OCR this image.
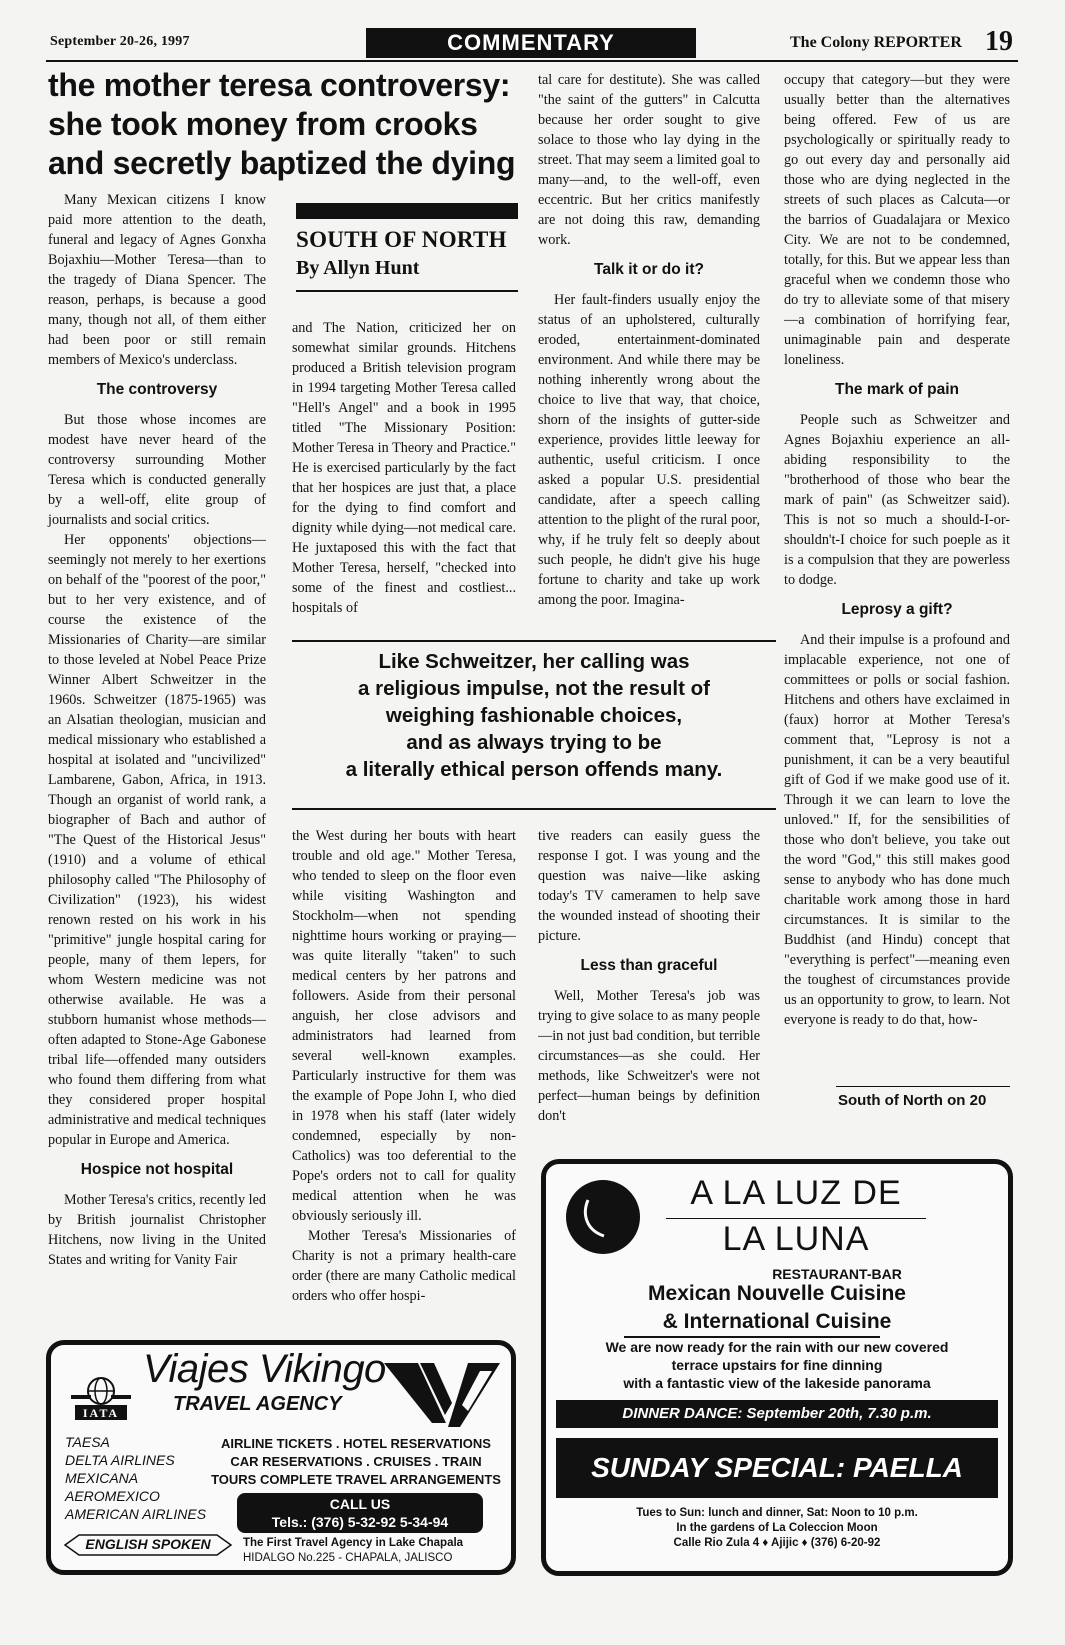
September 20-26, 1997	COMMENTARY	The Colony REPORTER 19
the mother teresa controversy:
she took money from crooks
and secretly baptized the dying

Many Mexican citizens I know paid more attention to the death, funeral and legacy of Agnes Gonxha Bojaxhiu—Mother Teresa—than to the tragedy of Diana Spencer. The reason, perhaps, is because a good many, though not all, of them either had been poor or still remain members of Mexico's underclass.

The controversy

But those whose incomes are modest have never heard of the controversy surrounding Mother Teresa which is conducted generally by a well-off, elite group of journalists and social critics.

Her opponents' objections—seemingly not merely to her exertions on behalf of the "poorest of the poor," but to her very existence, and of course the existence of the Missionaries of Charity—are similar to those leveled at Nobel Peace Prize Winner Albert Schweitzer in the 1960s. Schweitzer (1875-1965) was an Alsatian theologian, musician and medical missionary who established a hospital at isolated and "uncivilized" Lambarene, Gabon, Africa, in 1913. Though an organist of world rank, a biographer of Bach and author of "The Quest of the Historical Jesus" (1910) and a volume of ethical philosophy called "The Philosophy of Civilization" (1923), his widest renown rested on his work in his "primitive" jungle hospital caring for people, many of them lepers, for whom Western medicine was not otherwise available. He was a stubborn humanist whose methods—often adapted to Stone-Age Gabonese tribal life—offended many outsiders who found them differing from what they considered proper hospital administrative and medical techniques popular in Europe and America.

Hospice not hospital

Mother Teresa's critics, recently led by British journalist Christopher Hitchens, now living in the United States and writing for Vanity Fair

SOUTH OF NORTH
By Allyn Hunt

and The Nation, criticized her on somewhat similar grounds. Hitchens produced a British television program in 1994 targeting Mother Teresa called "Hell's Angel" and a book in 1995 titled "The Missionary Position: Mother Teresa in Theory and Practice." He is exercised particularly by the fact that her hospices are just that, a place for the dying to find comfort and dignity while dying—not medical care. He juxtaposed this with the fact that Mother Teresa, herself, "checked into some of the finest and costliest... hospitals of

tal care for destitute). She was called "the saint of the gutters" in Calcutta because her order sought to give solace to those who lay dying in the street. That may seem a limited goal to many—and, to the well-off, even eccentric. But her critics manifestly are not doing this raw, demanding work.

Talk it or do it?

Her fault-finders usually enjoy the status of an upholstered, culturally eroded, entertainment-dominated environment. And while there may be nothing inherently wrong about the choice to live that way, that choice, shorn of the insights of gutter-side experience, provides little leeway for authentic, useful criticism. I once asked a popular U.S. presidential candidate, after a speech calling attention to the plight of the rural poor, why, if he truly felt so deeply about such people, he didn't give his huge fortune to charity and take up work among the poor. Imagina-

occupy that category—but they were usually better than the alternatives being offered. Few of us are psychologically or spiritually ready to go out every day and personally aid those who are dying neglected in the streets of such places as Calcuta—or the barrios of Guadalajara or Mexico City. We are not to be condemned, totally, for this. But we appear less than graceful when we condemn those who do try to alleviate some of that misery—a combination of horrifying fear, unimaginable pain and desperate loneliness.

The mark of pain

People such as Schweitzer and Agnes Bojaxhiu experience an all-abiding responsibility to the "brotherhood of those who bear the mark of pain" (as Schweitzer said). This is not so much a should-I-or-shouldn't-I choice for such poeple as it is a compulsion that they are powerless to dodge.

Leprosy a gift?

And their impulse is a profound and implacable experience, not one of committees or polls or social fashion. Hitchens and others have exclaimed in (faux) horror at Mother Teresa's comment that, "Leprosy is not a punishment, it can be a very beautiful gift of God if we make good use of it. Through it we can learn to love the unloved." If, for the sensibilities of those who don't believe, you take out the word "God," this still makes good sense to anybody who has done much charitable work among those in hard circumstances. It is similar to the Buddhist (and Hindu) concept that "everything is perfect"—meaning even the toughest of circumstances provide us an opportunity to grow, to learn. Not everyone is ready to do that, how-

South of North on 20
Like Schweitzer, her calling was
a religious impulse, not the result of
weighing fashionable choices,
and as always trying to be
a literally ethical person offends many.

the West during her bouts with heart trouble and old age." Mother Teresa, who tended to sleep on the floor even while visiting Washington and Stockholm—when not spending nighttime hours working or praying—was quite literally "taken" to such medical centers by her patrons and followers. Aside from their personal anguish, her close advisors and administrators had learned from several well-known examples. Particularly instructive for them was the example of Pope John I, who died in 1978 when his staff (later widely condemned, especially by non-Catholics) was too deferential to the Pope's orders not to call for quality medical attention when he was obviously seriously ill.

Mother Teresa's Missionaries of Charity is not a primary health-care order (there are many Catholic medical orders who offer hospi-

tive readers can easily guess the response I got. I was young and the question was naive—like asking today's TV cameramen to help save the wounded instead of shooting their picture.

Less than graceful

Well, Mother Teresa's job was trying to give solace to as many people—in not just bad condition, but terrible circumstances—as she could. Her methods, like Schweitzer's were not perfect—human beings by definition don't

IATA
Viajes Vikingo
TRAVEL AGENCY
TAESA
DELTA AIRLINES
MEXICANA
AEROMEXICO
AMERICAN AIRLINES
AIRLINE TICKETS . HOTEL RESERVATIONS
CAR RESERVATIONS . CRUISES . TRAIN
TOURS COMPLETE TRAVEL ARRANGEMENTS
CALL US
Tels.: (376) 5-32-92 5-34-94
ENGLISH SPOKEN	The First Travel Agency in Lake Chapala
HIDALGO No.225 - CHAPALA, JALISCO
A LA LUZ DE
LA LUNA
RESTAURANT-BAR
Mexican Nouvelle Cuisine
& International Cuisine
We are now ready for the rain with our new covered
terrace upstairs for fine dinning
with a fantastic view of the lakeside panorama
DINNER DANCE: September 20th, 7.30 p.m.
SUNDAY SPECIAL: PAELLA
Tues to Sun: lunch and dinner, Sat: Noon to 10 p.m.
In the gardens of La Coleccion Moon
Calle Rio Zula 4 ♦ Ajijic ♦ (376) 6-20-92
